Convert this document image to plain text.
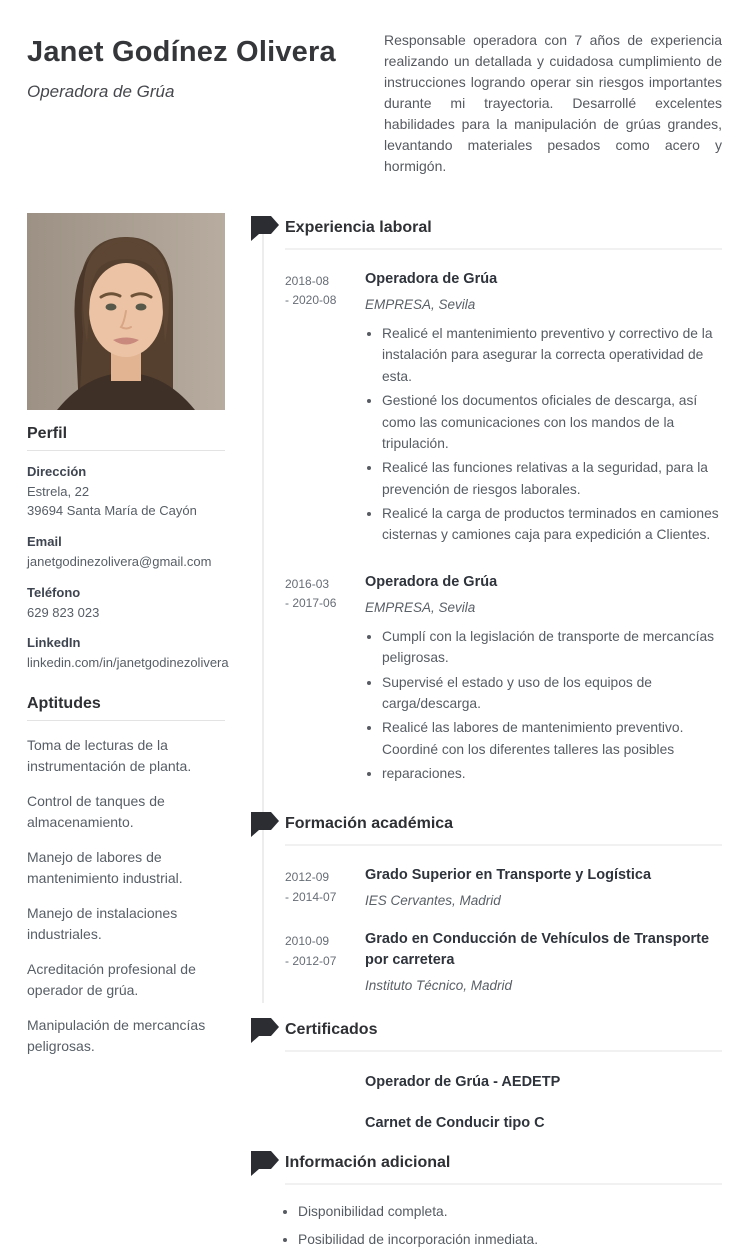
Janet Godínez Olivera
Operadora de Grúa
Responsable operadora con 7 años de experiencia realizando un detallada y cuidadosa cumplimiento de instrucciones logrando operar sin riesgos importantes durante mi trayectoria. Desarrollé excelentes habilidades para la manipulación de grúas grandes, levantando materiales pesados como acero y hormigón.
Perfil
Dirección
Estrela, 22
39694 Santa María de Cayón
Email
janetgodinezolivera@gmail.com
Teléfono
629 823 023
LinkedIn
linkedin.com/in/janetgodinezolivera
Aptitudes
Toma de lecturas de la instrumentación de planta.
Control de tanques de almacenamiento.
Manejo de labores de mantenimiento industrial.
Manejo de instalaciones industriales.
Acreditación profesional de operador de grúa.
Manipulación de mercancías peligrosas.
Experiencia laboral
2018-08
- 2020-08
Operadora de Grúa
EMPRESA, Sevila
• Realicé el mantenimiento preventivo y correctivo de la instalación para asegurar la correcta operatividad de esta.
• Gestioné los documentos oficiales de descarga, así como las comunicaciones con los mandos de la tripulación.
• Realicé las funciones relativas a la seguridad, para la prevención de riesgos laborales.
• Realicé la carga de productos terminados en camiones cisternas y camiones caja para expedición a Clientes.
2016-03
- 2017-06
Operadora de Grúa
EMPRESA, Sevila
• Cumplí con la legislación de transporte de mercancías peligrosas.
• Supervisé el estado y uso de los equipos de carga/descarga.
• Realicé las labores de mantenimiento preventivo. Coordiné con los diferentes talleres las posibles
• reparaciones.
Formación académica
2012-09
- 2014-07
Grado Superior en Transporte y Logística
IES Cervantes, Madrid
2010-09
- 2012-07
Grado en Conducción de Vehículos de Transporte por carretera
Instituto Técnico, Madrid
Certificados
Operador de Grúa - AEDETP
Carnet de Conducir tipo C
Información adicional
• Disponibilidad completa.
• Posibilidad de incorporación inmediata.
